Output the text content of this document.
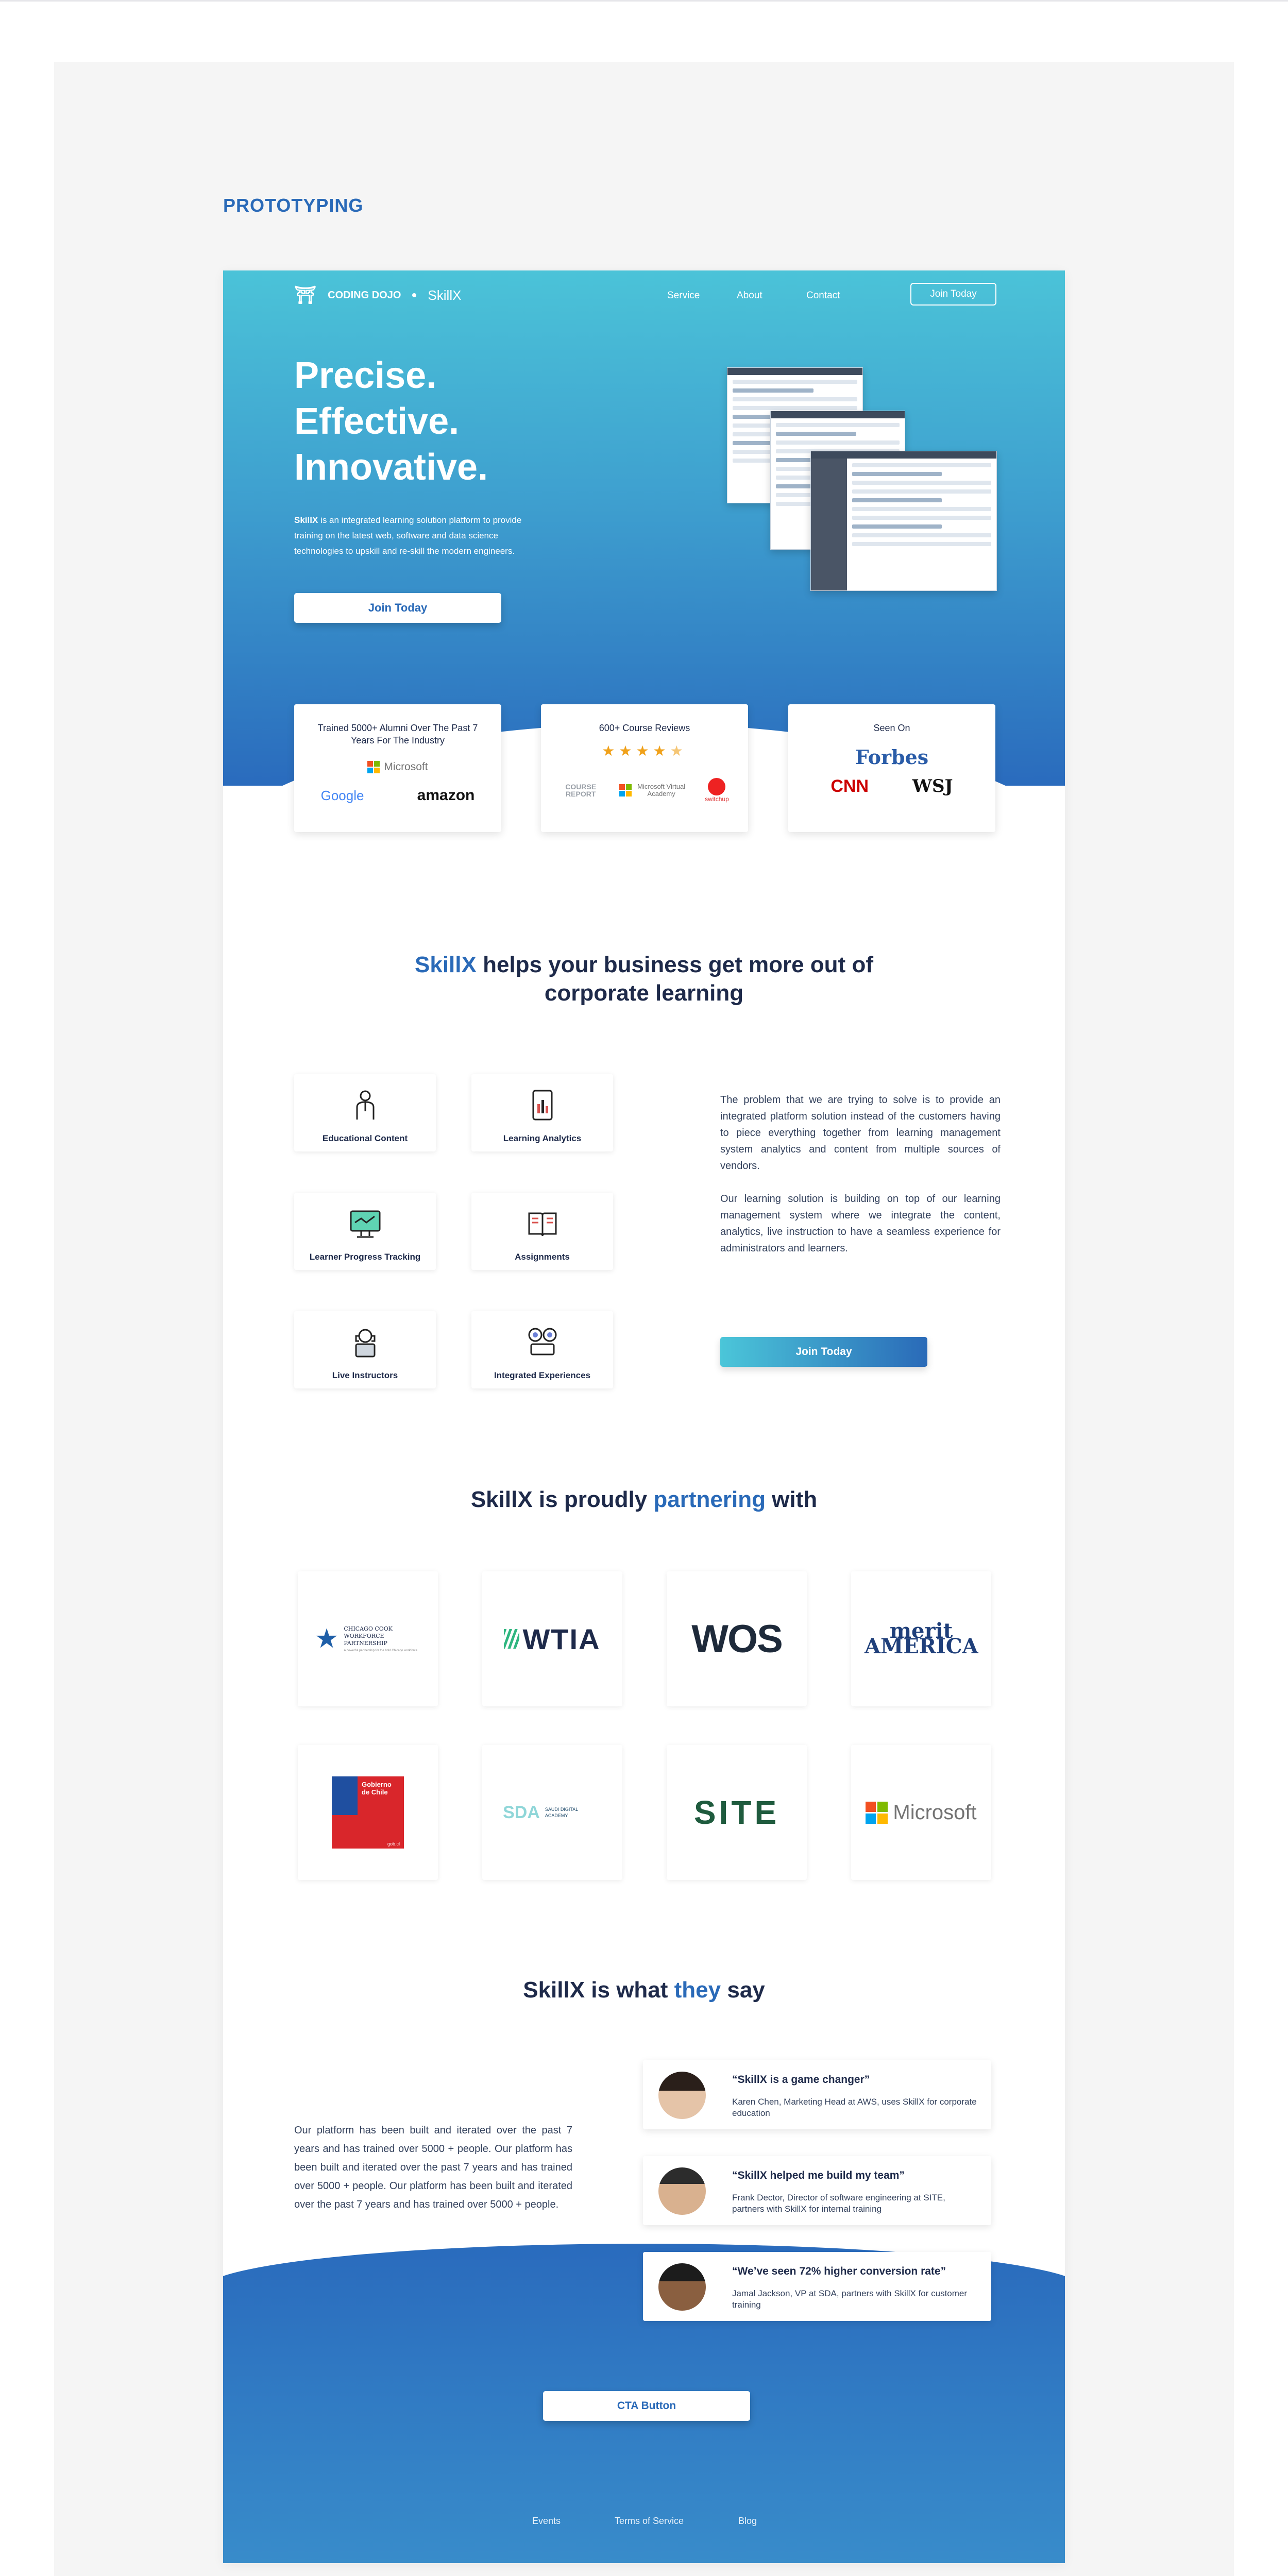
PROTOTYPING
⛩ CODING DOJO SkillX	Service	About	Contact	Join Today
Precise.
Effective.
Innovative.
SkillX is an integrated learning solution platform to provide training on the latest web, software and data science technologies to upskill and re-skill the modern engineers.
Join Today
Trained 5000+ Alumni Over The Past 7 Years For The Industry
Microsoft
Google	amazon
600+ Course Reviews
★★★★★
COURSE REPORT
Microsoft Virtual Academy
switchup
Seen On
Forbes
CNN WSJ
SkillX helps your business get more out of
corporate learning
Educational Content	Learning Analytics
Learner Progress Tracking	Assignments
Live Instructors	Integrated Experiences
The problem that we are trying to solve is to provide an integrated platform solution instead of the customers having to piece everything together from learning management system analytics and content from multiple sources of vendors.
Our learning solution is building on top of our learning management system where we integrate the content, analytics, live instruction to have a seamless experience for administrators and learners.
Join Today
SkillX is proudly partnering with
★ CHICAGO COOK WORKFORCE PARTNERSHIP
A powerful partnership for the bold Chicago workforce	WTIA WOS	merit AMERICA
Gobierno de Chile
gob.cl
SDA SAUDI DIGITAL ACADEMY	SITE	Microsoft
SkillX is what they say
Our platform has been built and iterated over the past 7 years and has trained over 5000 + people. Our platform has been built and iterated over the past 7 years and has trained over 5000 + people. Our platform has been built and iterated over the past 7 years and has trained over 5000 + people.
“SkillX is a game changer”
Karen Chen, Marketing Head at AWS, uses SkillX for corporate education
“SkillX helped me build my team”
Frank Dector, Director of software engineering at SITE, partners with SkillX for internal training
“We’ve seen 72% higher conversion rate”
Jamal Jackson, VP at SDA, partners with SkillX for customer training
CTA Button
Events	Terms of Service	Blog
